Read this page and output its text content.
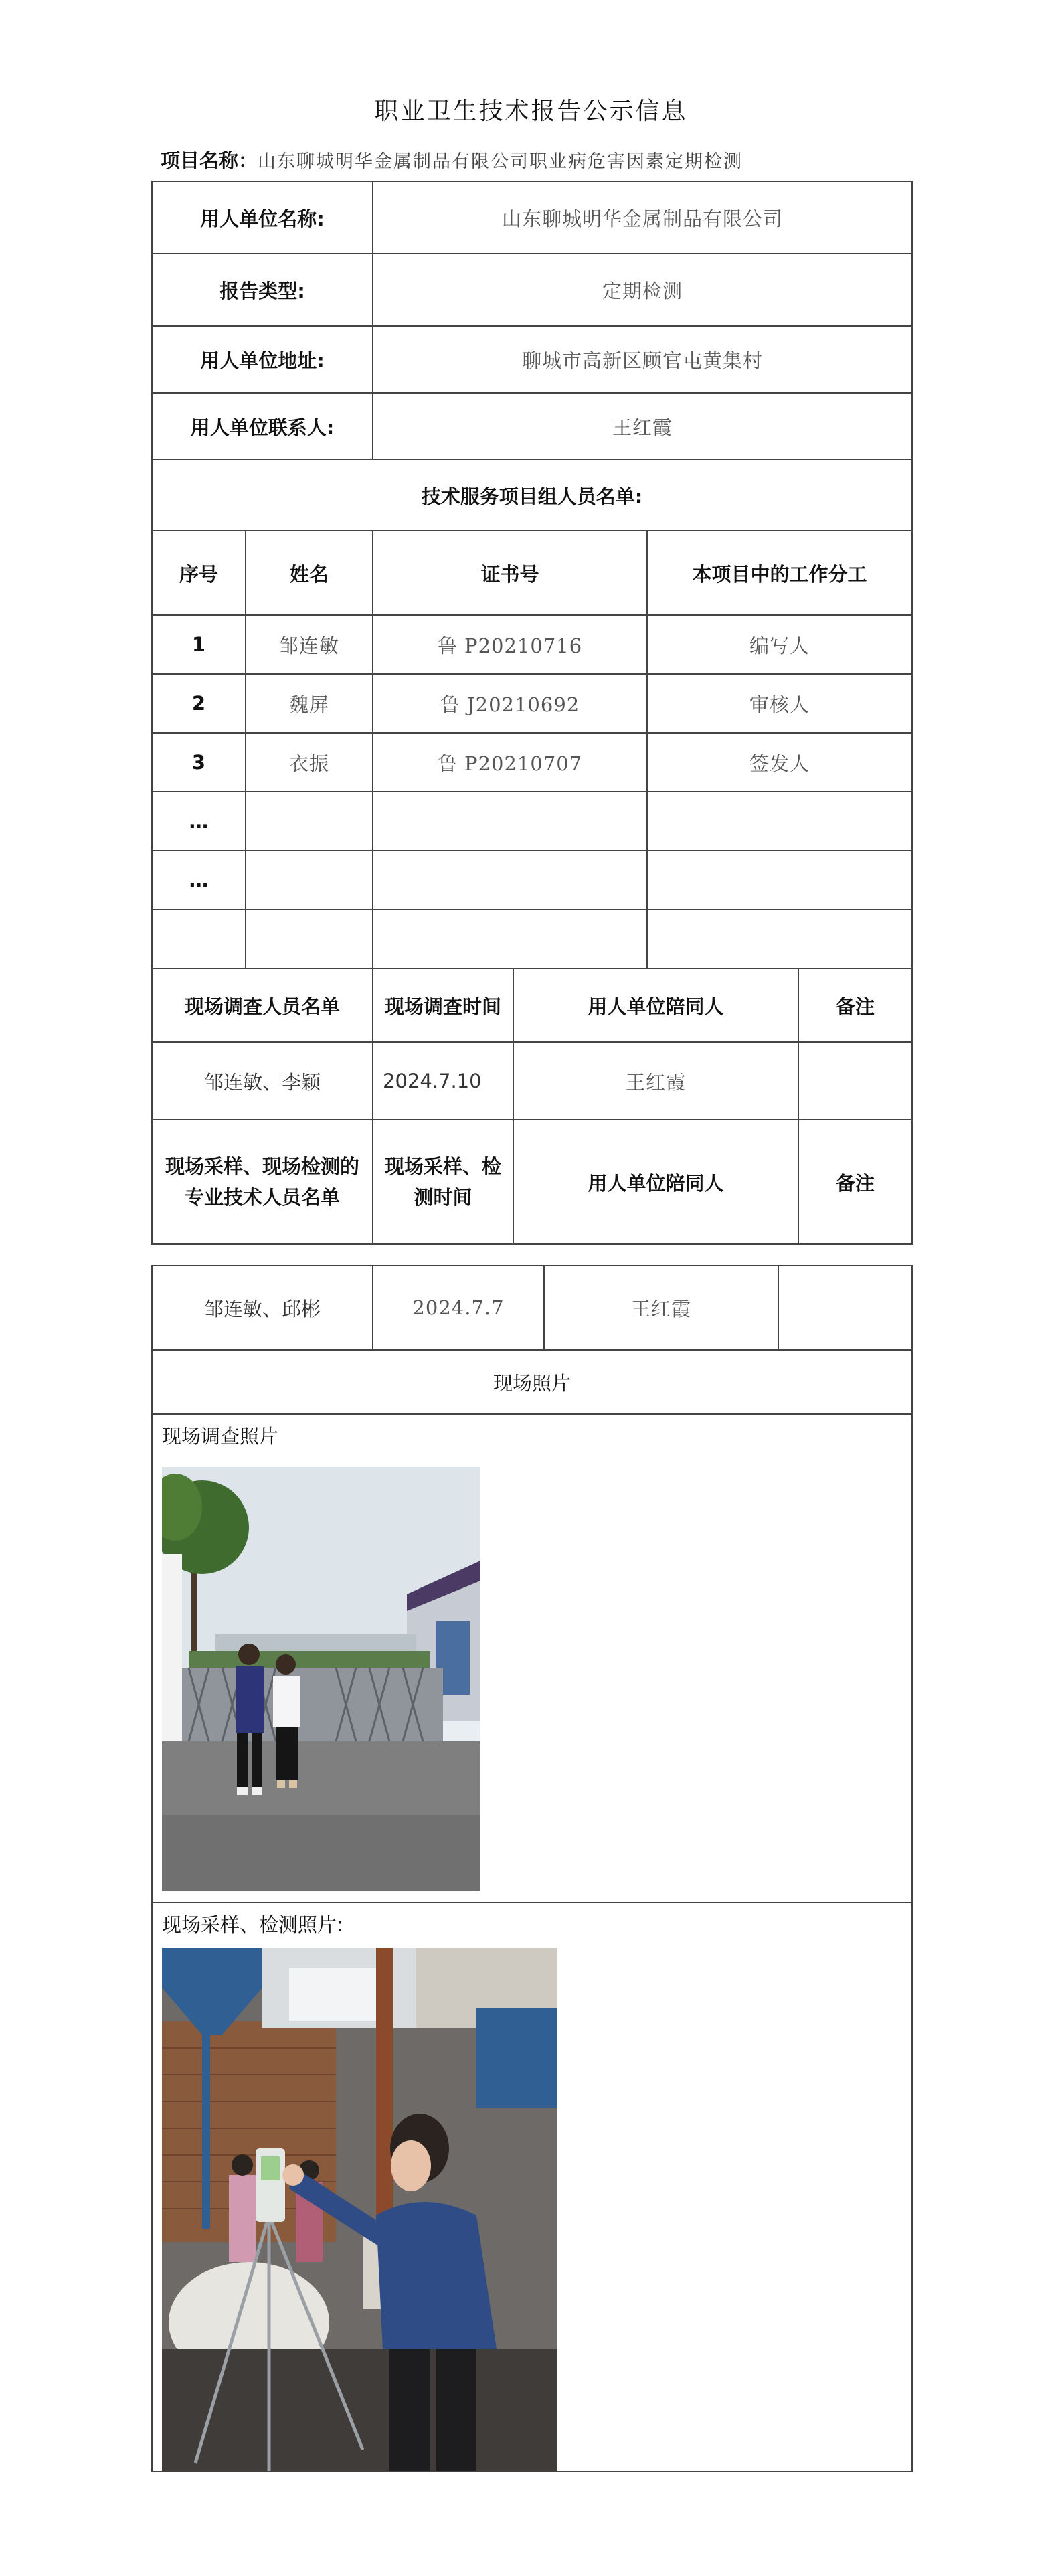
职业卫生技术报告公示信息
项目名称：山东聊城明华金属制品有限公司职业病危害因素定期检测
用人单位名称:		山东聊城明华金属制品有限公司			
报告类型:		定期检测			
用人单位地址:		聊城市高新区顾官屯黄集村			
用人单位联系人:		王红霞			
技术服务项目组人员名单:					
序号	姓名	证书号		本项目中的工作分工	
1	邹连敏	鲁 P20210716		编写人	
2	魏屏	鲁 J20210692		审核人	
3	衣振	鲁 P20210707		签发人	
…					
…					

现场调查人员名单		现场调查时间	用人单位陪同人		备注
邹连敏、李颖		2024.7.10	王红霞		
现场采样、现场检测的专业技术人员名单		现场采样、检测时间	用人单位陪同人		备注
邹连敏、邱彬	2024.7.7	王红霞	
现场照片

现场调查照片

现场采样、检测照片:
